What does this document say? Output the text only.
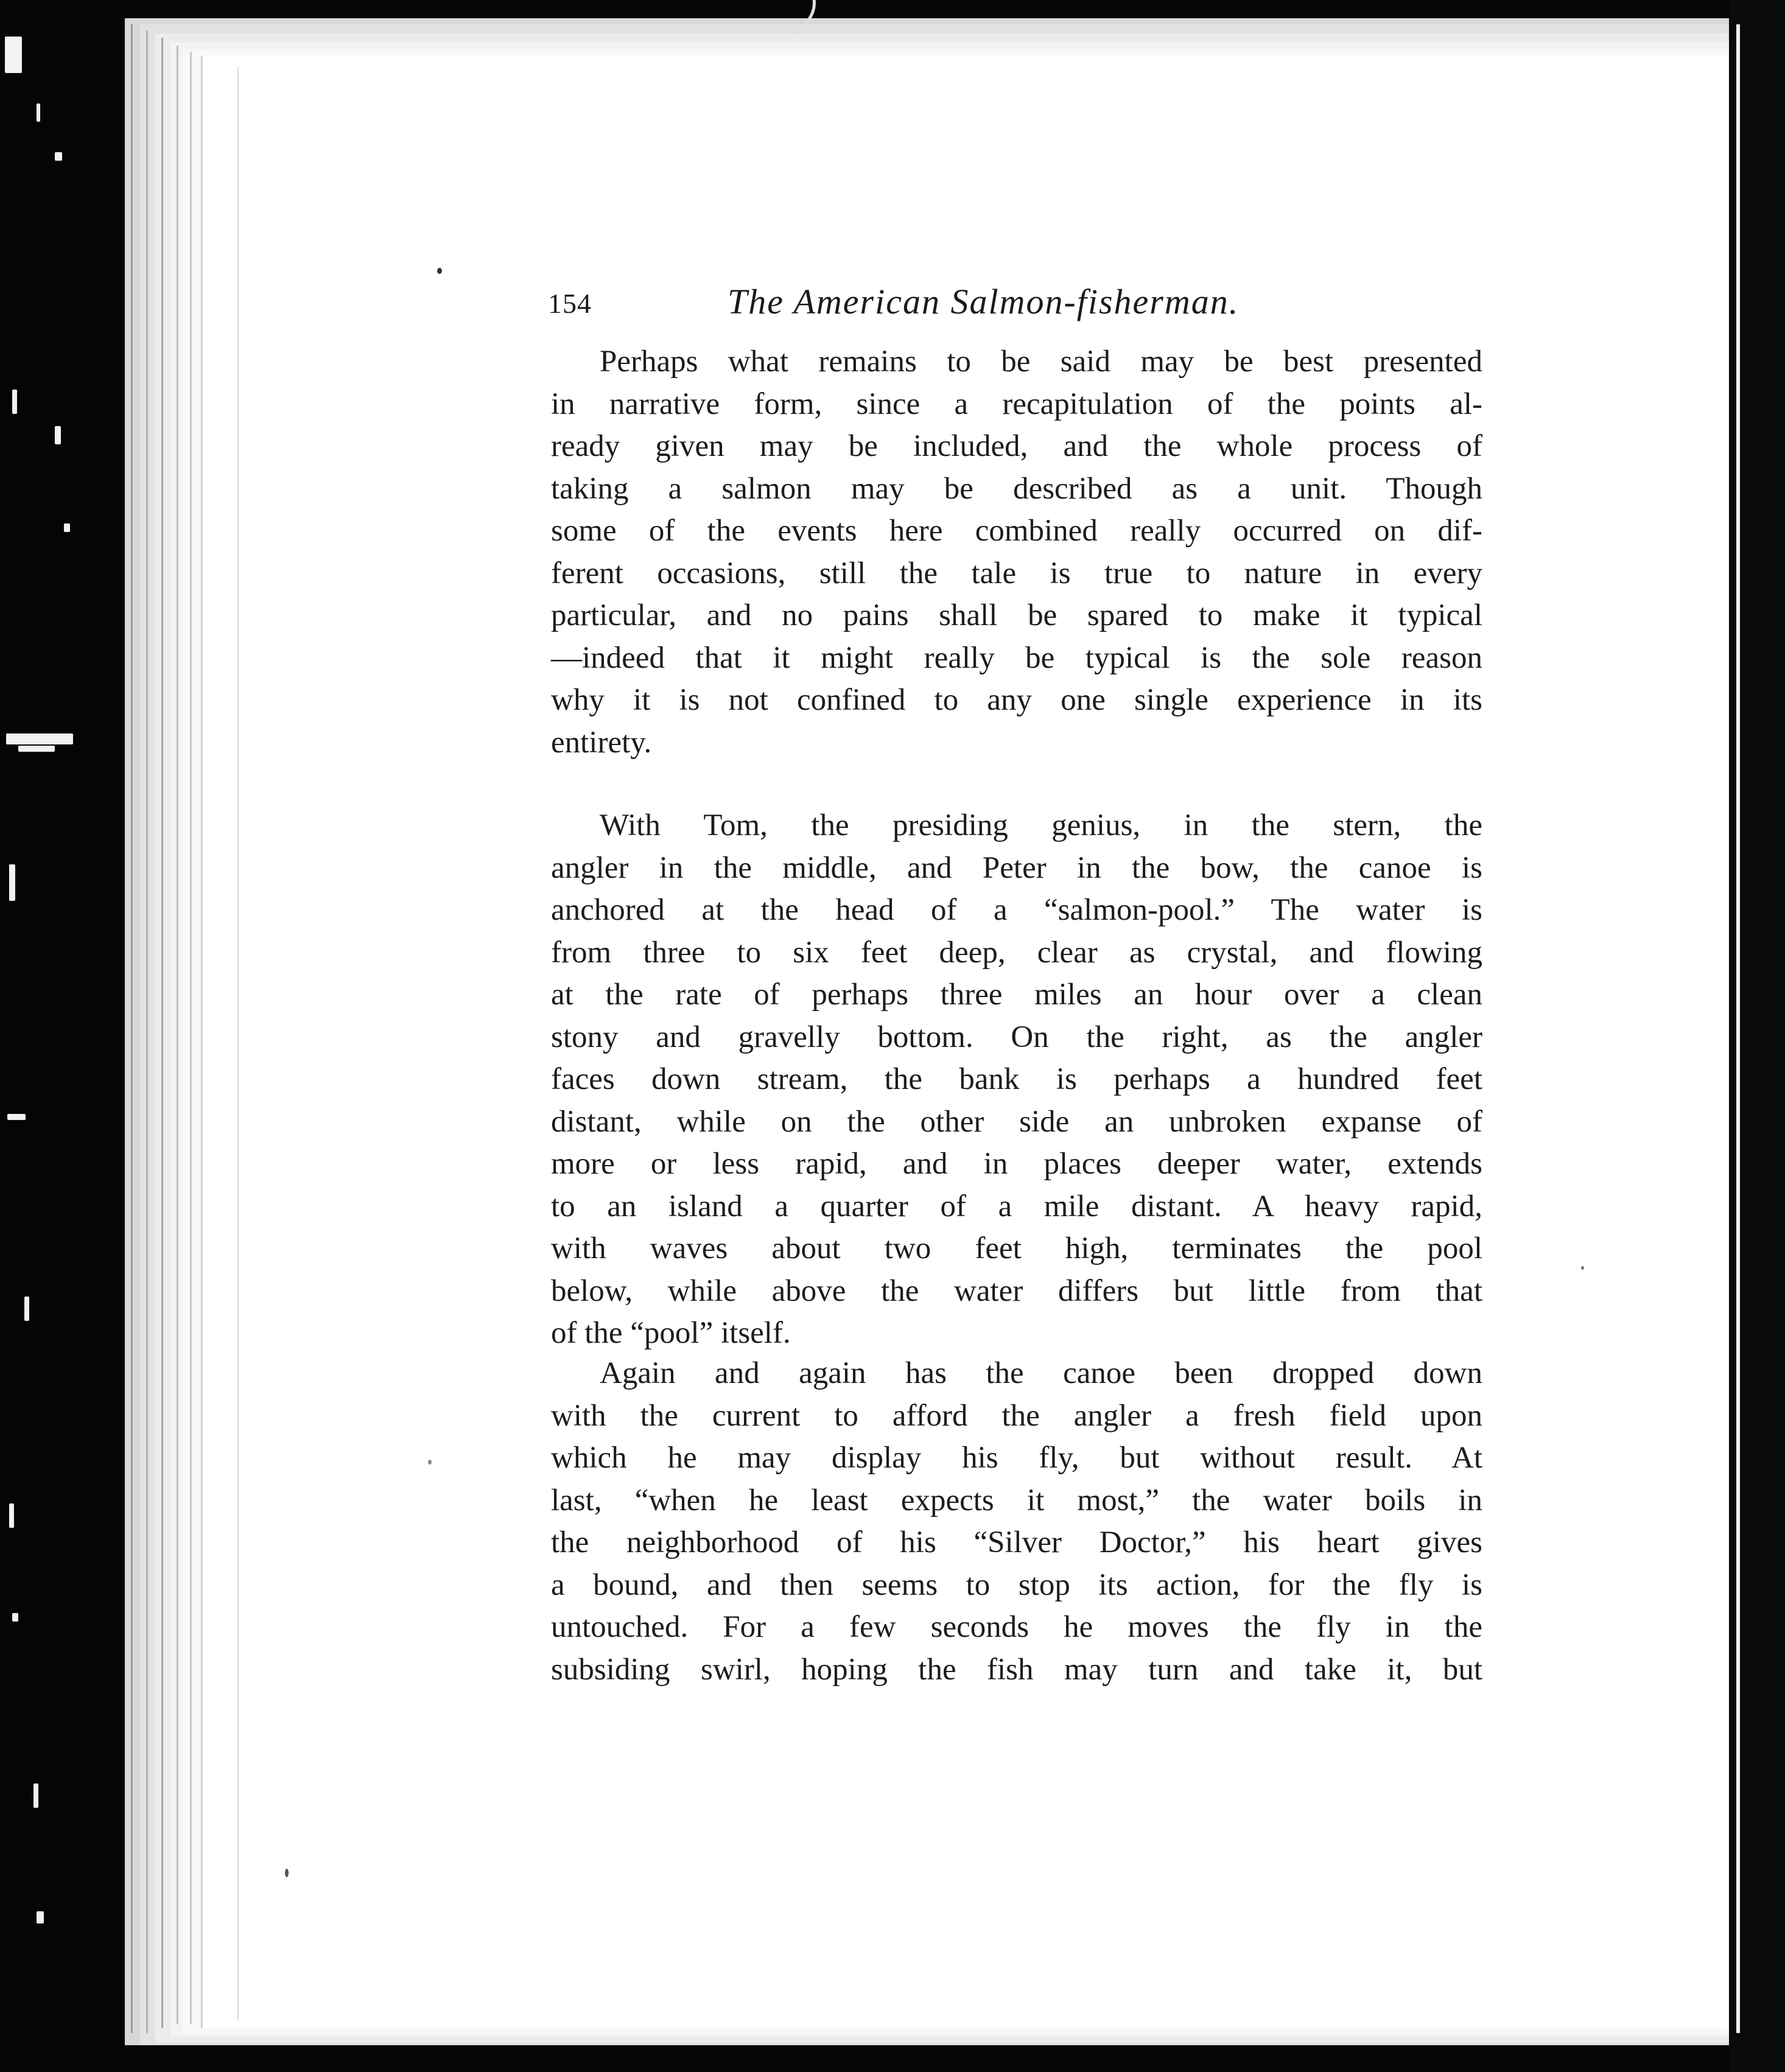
154	The American Salmon-fisherman.
Perhaps what remains to be said may be best presented
in narrative form, since a recapitulation of the points al-
ready given may be included, and the whole process of
taking a salmon may be described as a unit. Though
some of the events here combined really occurred on dif-
ferent occasions, still the tale is true to nature in every
particular, and no pains shall be spared to make it typical
—indeed that it might really be typical is the sole reason
why it is not confined to any one single experience in its
entirety.
With Tom, the presiding genius, in the stern, the
angler in the middle, and Peter in the bow, the canoe is
anchored at the head of a “salmon-pool.” The water is
from three to six feet deep, clear as crystal, and flowing
at the rate of perhaps three miles an hour over a clean
stony and gravelly bottom. On the right, as the angler
faces down stream, the bank is perhaps a hundred feet
distant, while on the other side an unbroken expanse of
more or less rapid, and in places deeper water, extends
to an island a quarter of a mile distant. A heavy rapid,
with waves about two feet high, terminates the pool
below, while above the water differs but little from that
of the “pool” itself.
Again and again has the canoe been dropped down
with the current to afford the angler a fresh field upon
which he may display his fly, but without result. At
last, “when he least expects it most,” the water boils in
the neighborhood of his “Silver Doctor,” his heart gives
a bound, and then seems to stop its action, for the fly is
untouched. For a few seconds he moves the fly in the
subsiding swirl, hoping the fish may turn and take it, but
